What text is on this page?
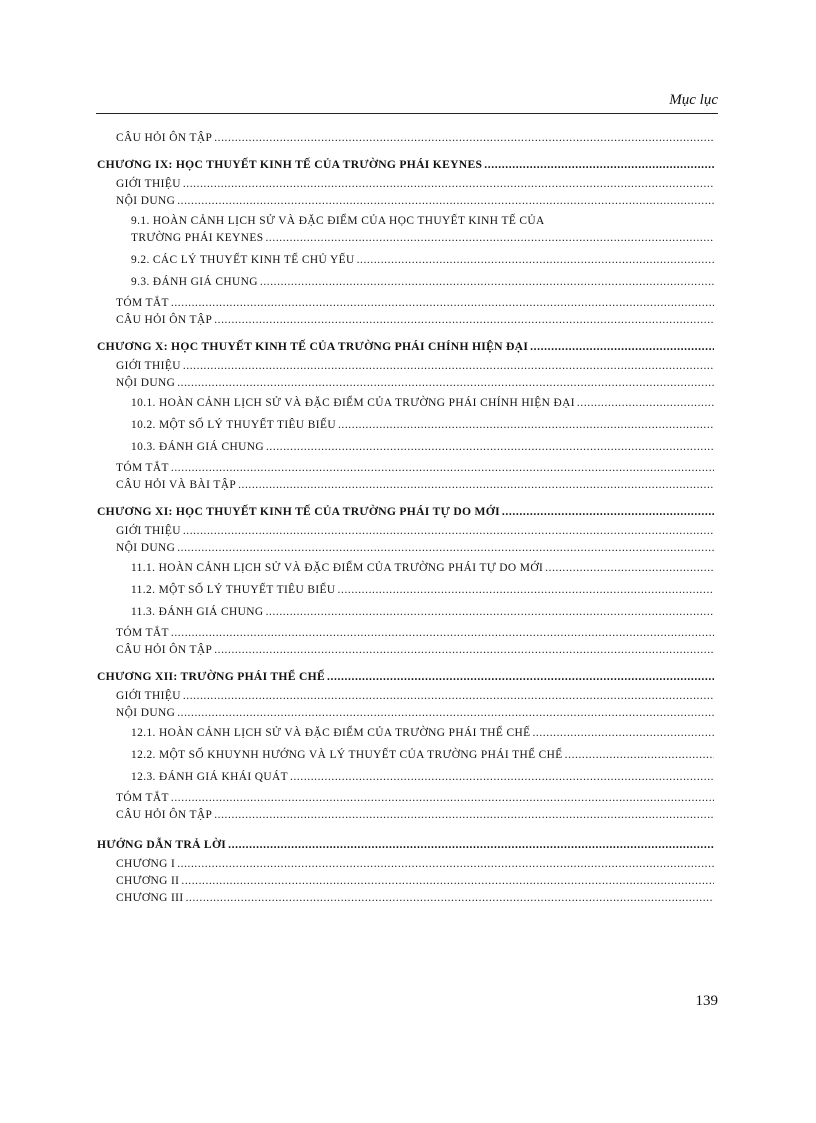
Mục lục
CÂU HỎI ÔN TẬP
.....
CHƯƠNG IX: HỌC THUYẾT KINH TẾ CỦA TRƯỜNG PHÁI KEYNES
.....
GIỚI THIỆU
.....
NỘI DUNG
.....
9.1. HOÀN CẢNH LỊCH SỬ VÀ ĐẶC ĐIỂM CỦA HỌC THUYẾT KINH TẾ CỦA
TRƯỜNG PHÁI KEYNES
.....
9.2. CÁC LÝ THUYẾT KINH TẾ CHỦ YẾU
.....
9.3. ĐÁNH GIÁ CHUNG
.....
TÓM TẮT
.....
CÂU HỎI ÔN TẬP
.....
CHƯƠNG X: HỌC THUYẾT KINH TẾ CỦA TRƯỜNG PHÁI CHÍNH HIỆN ĐẠI
.....
GIỚI THIỆU
.....
NỘI DUNG
.....
10.1. HOÀN CẢNH LỊCH SỬ VÀ ĐẶC ĐIỂM CỦA TRƯỜNG PHÁI CHÍNH HIỆN ĐẠI
.....
10.2. MỘT SỐ LÝ THUYẾT TIÊU BIỂU
.....
10.3. ĐÁNH GIÁ CHUNG
.....
TÓM TẮT
.....
CÂU HỎI VÀ BÀI TẬP
.....
CHƯƠNG XI: HỌC THUYẾT KINH TẾ CỦA TRƯỜNG PHÁI TỰ DO MỚI
.....
GIỚI THIỆU
.....
NỘI DUNG
.....
11.1. HOÀN CẢNH LỊCH SỬ VÀ ĐẶC ĐIỂM CỦA TRƯỜNG PHÁI TỰ DO MỚI
.....
11.2. MỘT SỐ LÝ THUYẾT TIÊU BIỂU
.....
11.3. ĐÁNH GIÁ CHUNG
.....
TÓM TẮT
.....
CÂU HỎI ÔN TẬP
.....
CHƯƠNG XII: TRƯỜNG PHÁI THỂ CHẾ
.....
GIỚI THIỆU
.....
NỘI DUNG
.....
12.1. HOÀN CẢNH LỊCH SỬ VÀ ĐẶC ĐIỂM CỦA TRƯỜNG PHÁI THỂ CHẾ
.....
12.2. MỘT SỐ KHUYNH HƯỚNG VÀ LÝ THUYẾT CỦA TRƯỜNG PHÁI THỂ CHẾ
.....
12.3. ĐÁNH GIÁ KHÁI QUÁT
.....
TÓM TẮT
.....
CÂU HỎI ÔN TẬP
.....
HƯỚNG DẪN TRẢ LỜI
.....
CHƯƠNG I
.....
CHƯƠNG II
.....
CHƯƠNG III
.....
139
